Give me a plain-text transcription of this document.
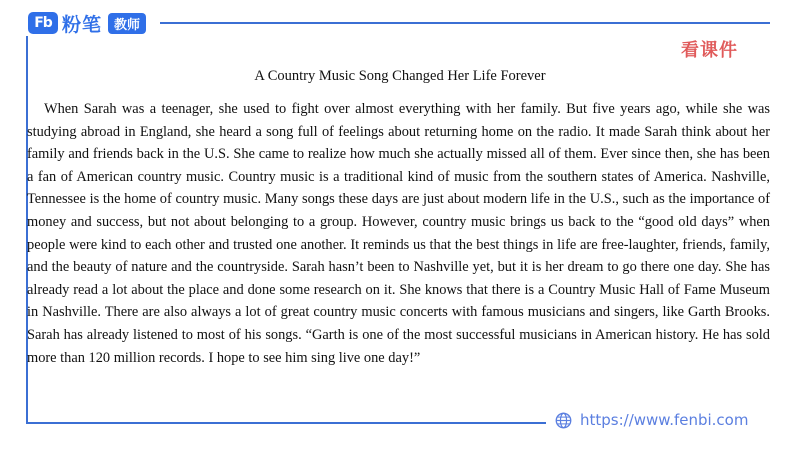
Fb 粉笔 教师
看课件
A Country Music Song Changed Her Life Forever

When Sarah was a teenager, she used to fight over almost everything with her family. But five years ago, while she was studying abroad in England, she heard a song full of feelings about returning home on the radio. It made Sarah think about her family and friends back in the U.S. She came to realize how much she actually missed all of them. Ever since then, she has been a fan of American country music. Country music is a traditional kind of music from the southern states of America. Nashville, Tennessee is the home of country music. Many songs these days are just about modern life in the U.S., such as the importance of money and success, but not about belonging to a group. However, country music brings us back to the “good old days” when people were kind to each other and trusted one another. It reminds us that the best things in life are free-laughter, friends, family, and the beauty of nature and the countryside. Sarah hasn’t been to Nashville yet, but it is her dream to go there one day. She has already read a lot about the place and done some research on it. She knows that there is a Country Music Hall of Fame Museum in Nashville. There are also always a lot of great country music concerts with famous musicians and singers, like Garth Brooks. Sarah has already listened to most of his songs. “Garth is one of the most successful musicians in American history. He has sold more than 120 million records. I hope to see him sing live one day!”

https://www.fenbi.com
